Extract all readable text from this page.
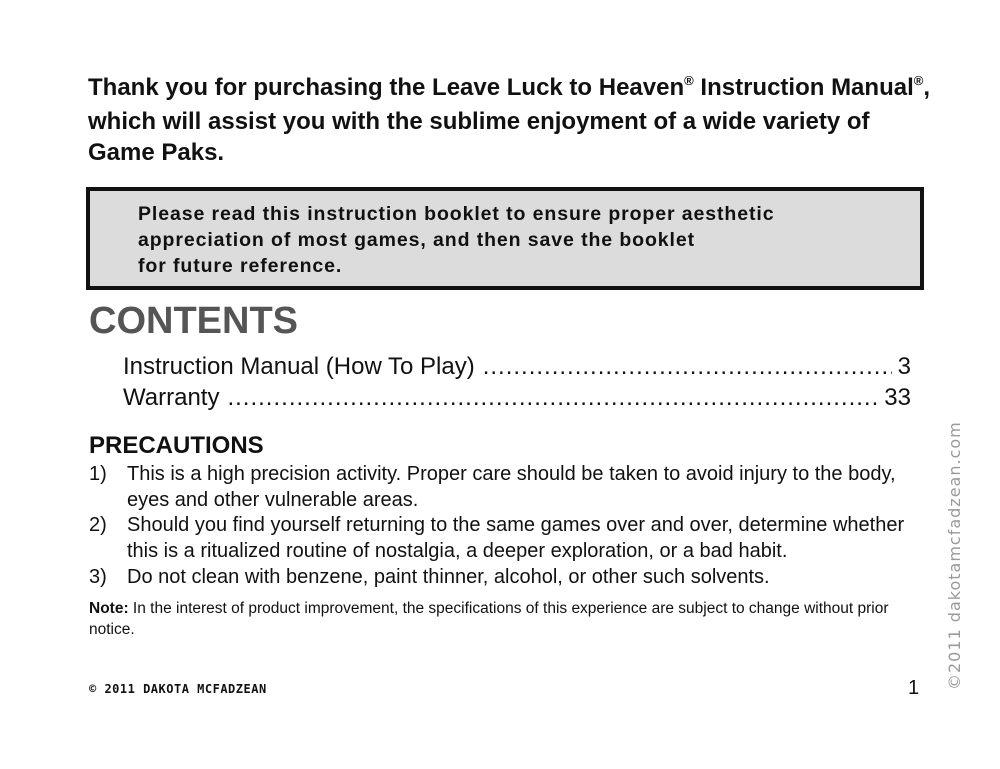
Thank you for purchasing the Leave Luck to Heaven® Instruction Manual®, which will assist you with the sublime enjoyment of a wide variety of Game Paks.

Please read this instruction booklet to ensure proper aesthetic
appreciation of most games, and then save the booklet
for future reference.

CONTENTS
Instruction Manual (How To Play) .....	3
Warranty .....	33
PRECAUTIONS
1) This is a high precision activity. Proper care should be taken to avoid injury to the body, eyes and other vulnerable areas.
2) Should you find yourself returning to the same games over and over, determine whether this is a ritualized routine of nostalgia, a deeper exploration, or a bad habit.
3) Do not clean with benzene, paint thinner, alcohol, or other such solvents.

Note: In the interest of product improvement, the specifications of this experience are subject to change without prior notice.

© 2011 DAKOTA MCFADZEAN	1 ©2011 dakotamcfadzean.com
